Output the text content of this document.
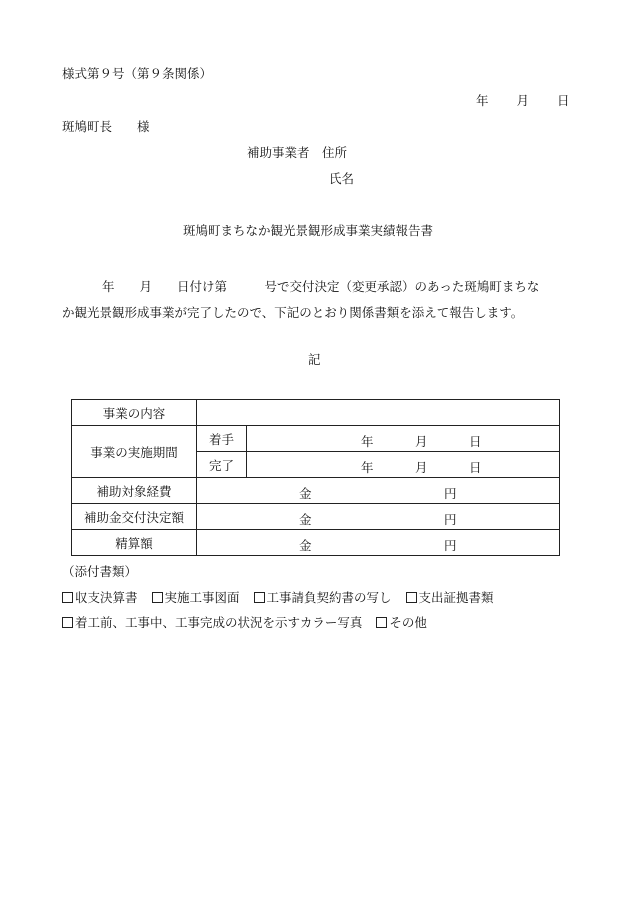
様式第９号（第９条関係）
年 月 日
斑鳩町長　　様
補助事業者　住所
氏名
斑鳩町まちなか観光景観形成事業実績報告書
年　　月　　日付け第　　　号で交付決定（変更承認）のあった斑鳩町まちな
か観光景観形成事業が完了したので、下記のとおり関係書類を添えて報告します。
記
事業の内容		
事業の実施期間	着手	年 月 日

	完了	年 月 日

補助対象経費	金 円	

補助金交付決定額	金 円	

精算額	金 円	
（添付書類）
収支決算書 実施工事図面 工事請負契約書の写し 支出証拠書類
着工前、工事中、工事完成の状況を示すカラー写真 その他
